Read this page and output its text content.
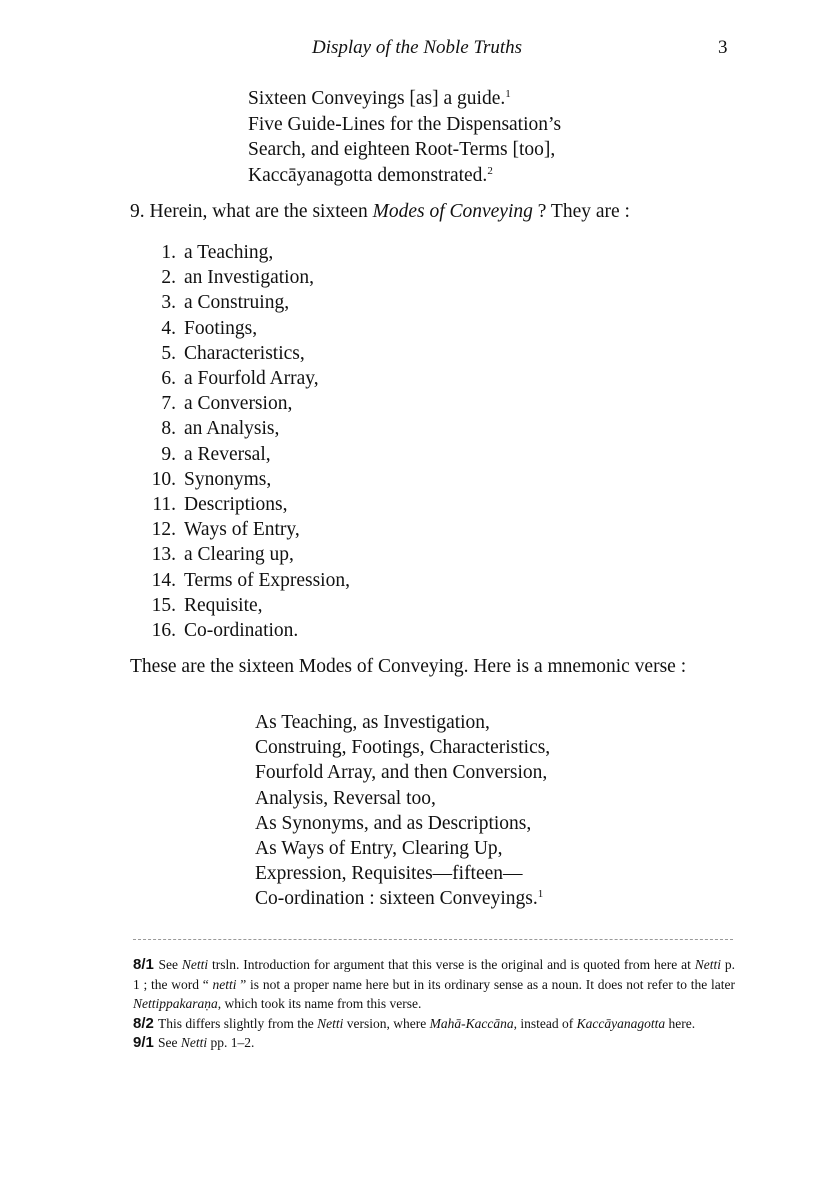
Display of the Noble Truths	3
Sixteen Conveyings [as] a guide.$^1$
Five Guide-Lines for the Dispensation’s
Search, and eighteen Root-Terms [too],
Kaccāyanagotta demonstrated.$^2$
9. Herein, what are the sixteen Modes of Conveying ? They are :
1. a Teaching,
2. an Investigation,
3. a Construing,
4. Footings,
5. Characteristics,
6. a Fourfold Array,
7. a Conversion,
8. an Analysis,
9. a Reversal,
10. Synonyms,
11. Descriptions,
12. Ways of Entry,
13. a Clearing up,
14. Terms of Expression,
15. Requisite,
16. Co-ordination.
These are the sixteen Modes of Conveying. Here is a mnemonic verse :
As Teaching, as Investigation,
Construing, Footings, Characteristics,
Fourfold Array, and then Conversion,
Analysis, Reversal too,
As Synonyms, and as Descriptions,
As Ways of Entry, Clearing Up,
Expression, Requisites—fifteen—
Co-ordination : sixteen Conveyings.$^1$
8/1 See Netti trsln. Introduction for argument that this verse is the original and is quoted from here at Netti p. 1 ; the word “ netti ” is not a proper name here but in its ordinary sense as a noun. It does not refer to the later Nettippakaraṇa, which took its name from this verse.
8/2 This differs slightly from the Netti version, where Mahā-Kaccāna, instead of Kaccāyanagotta here.
9/1 See Netti pp. 1–2.
